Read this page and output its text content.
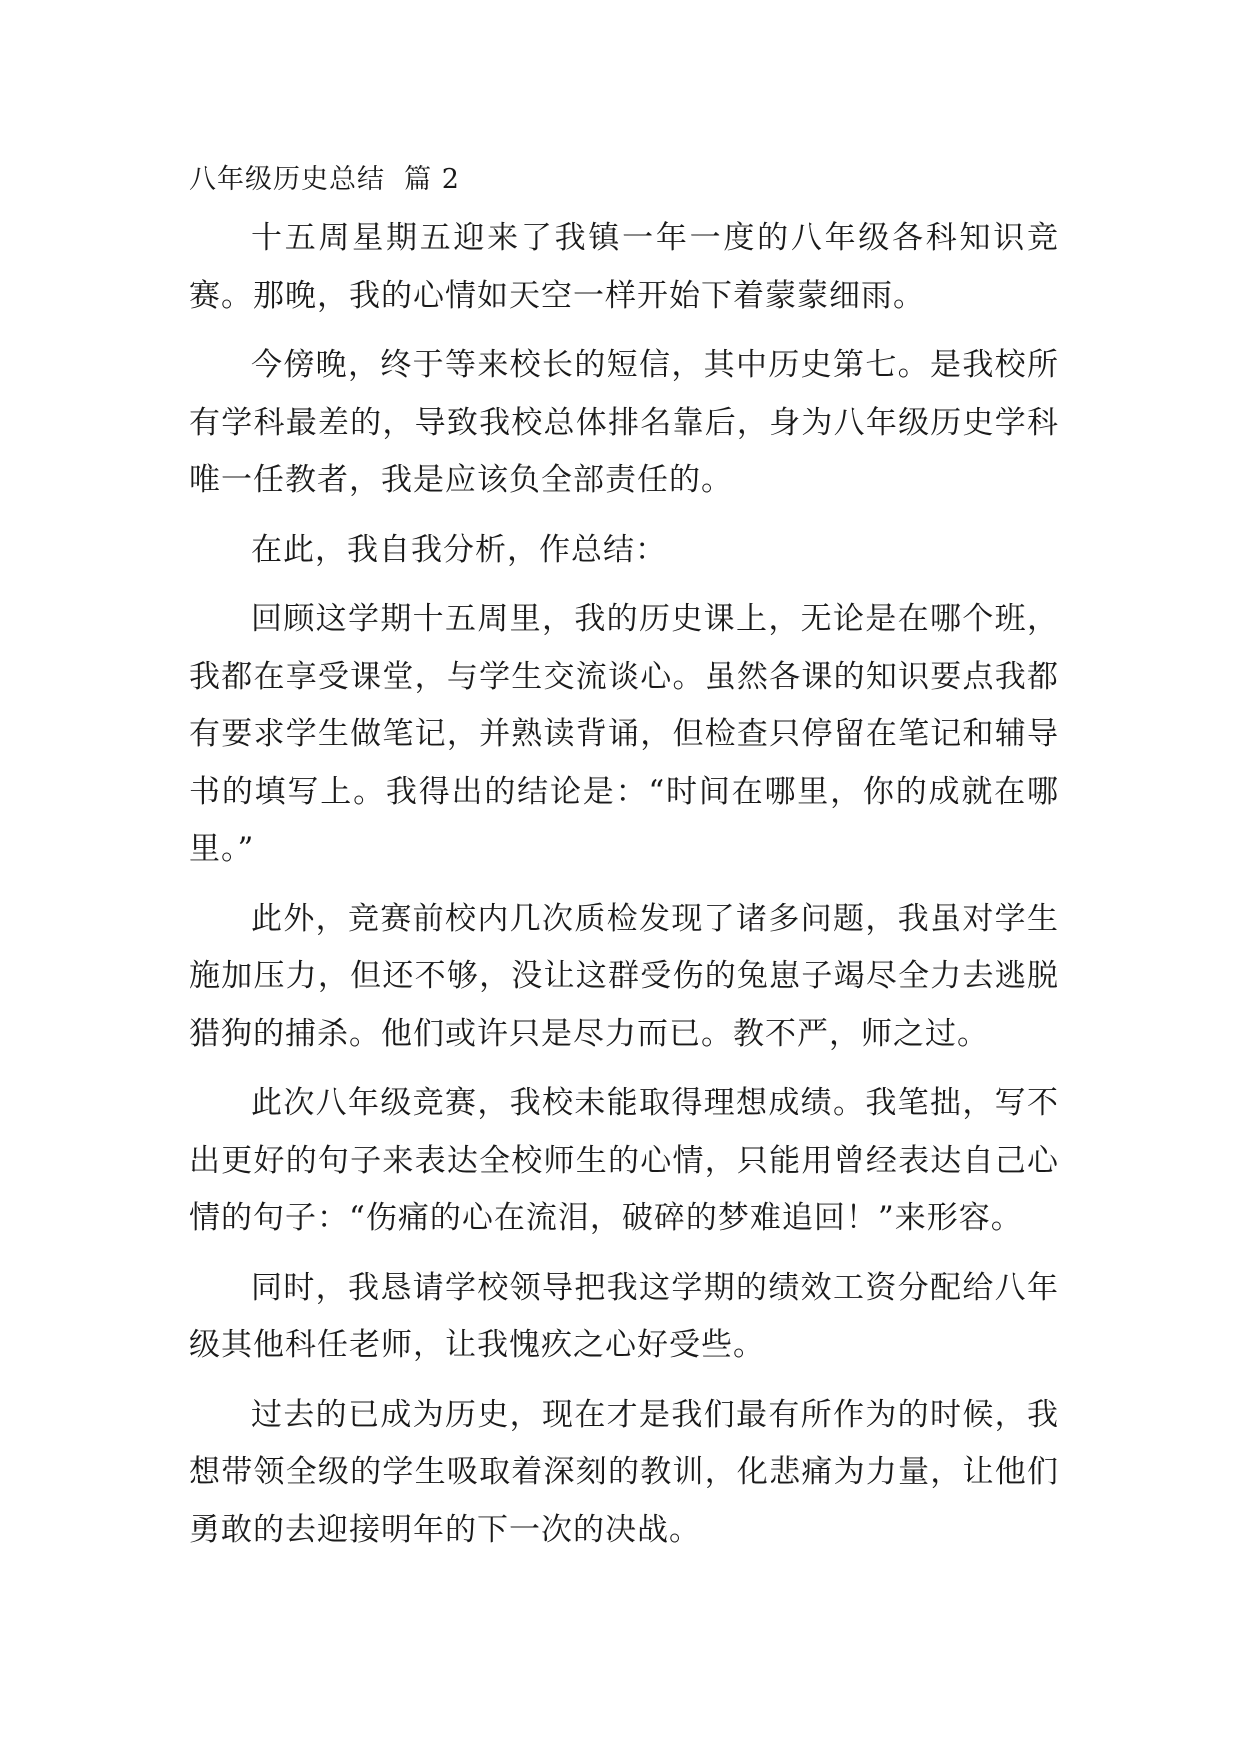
八年级历史总结  篇 2

十五周星期五迎来了我镇一年一度的八年级各科知识竞赛。那晚，我的心情如天空一样开始下着蒙蒙细雨。

今傍晚，终于等来校长的短信，其中历史第七。是我校所有学科最差的，导致我校总体排名靠后，身为八年级历史学科唯一任教者，我是应该负全部责任的。

在此，我自我分析，作总结：

回顾这学期十五周里，我的历史课上，无论是在哪个班，我都在享受课堂，与学生交流谈心。虽然各课的知识要点我都有要求学生做笔记，并熟读背诵，但检查只停留在笔记和辅导书的填写上。我得出的结论是：“时间在哪里，你的成就在哪里。”

此外，竞赛前校内几次质检发现了诸多问题，我虽对学生施加压力，但还不够，没让这群受伤的兔崽子竭尽全力去逃脱猎狗的捕杀。他们或许只是尽力而已。教不严，师之过。

此次八年级竞赛，我校未能取得理想成绩。我笔拙，写不出更好的句子来表达全校师生的心情，只能用曾经表达自己心情的句子：“伤痛的心在流泪，破碎的梦难追回！”来形容。

同时，我恳请学校领导把我这学期的绩效工资分配给八年级其他科任老师，让我愧疚之心好受些。

过去的已成为历史，现在才是我们最有所作为的时候，我想带领全级的学生吸取着深刻的教训，化悲痛为力量，让他们勇敢的去迎接明年的下一次的决战。
